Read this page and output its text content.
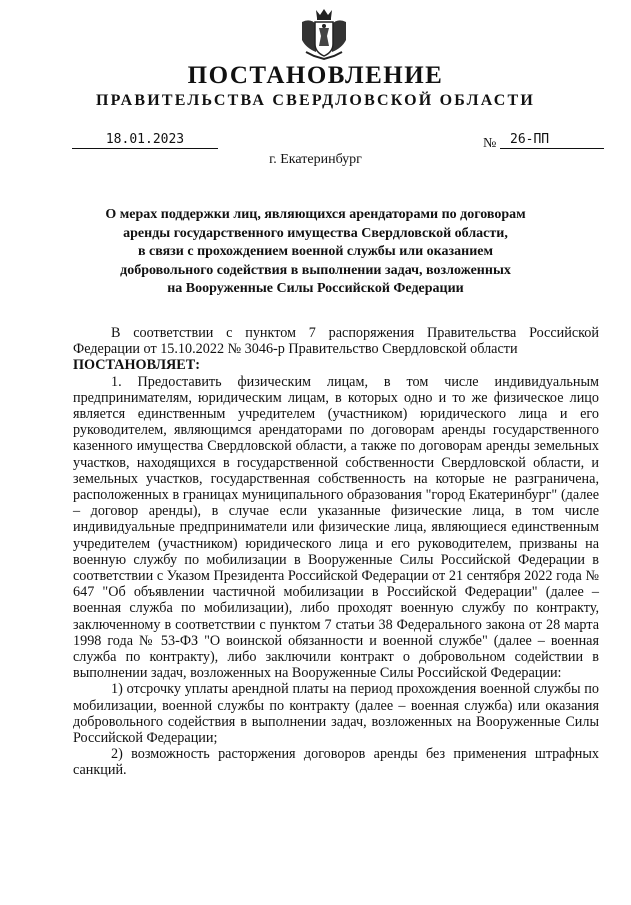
ПОСТАНОВЛЕНИЕ
ПРАВИТЕЛЬСТВА СВЕРДЛОВСКОЙ ОБЛАСТИ
18.01.2023	№	26-ПП
г. Екатеринбург
О мерах поддержки лиц, являющихся арендаторами по договорам
аренды государственного имущества Свердловской области,
в связи с прохождением военной службы или оказанием
добровольного содействия в выполнении задач, возложенных
на Вооруженные Силы Российской Федерации

В соответствии с пунктом 7 распоряжения Правительства Российской Федерации от 15.10.2022 № 3046-р Правительство Свердловской области

ПОСТАНОВЛЯЕТ:

1. Предоставить физическим лицам, в том числе индивидуальным предпринимателям, юридическим лицам, в которых одно и то же физическое лицо является единственным учредителем (участником) юридического лица и его руководителем, являющимся арендаторами по договорам аренды государственного казенного имущества Свердловской области, а также по договорам аренды земельных участков, находящихся в государственной собственности Свердловской области, и земельных участков, государственная собственность на которые не разграничена, расположенных в границах муниципального образования "город Екатеринбург" (далее – договор аренды), в случае если указанные физические лица, в том числе индивидуальные предприниматели или физические лица, являющиеся единственным учредителем (участником) юридического лица и его руководителем, призваны на военную службу по мобилизации в Вооруженные Силы Российской Федерации в соответствии с Указом Президента Российской Федерации от 21 сентября 2022 года № 647 "Об объявлении частичной мобилизации в Российской Федерации" (далее – военная служба по мобилизации), либо проходят военную службу по контракту, заключенному в соответствии с пунктом 7 статьи 38 Федерального закона от 28 марта 1998 года № 53-ФЗ "О воинской обязанности и военной службе" (далее – военная служба по контракту), либо заключили контракт о добровольном содействии в выполнении задач, возложенных на Вооруженные Силы Российской Федерации:

1) отсрочку уплаты арендной платы на период прохождения военной службы по мобилизации, военной службы по контракту (далее – военная служба) или оказания добровольного содействия в выполнении задач, возложенных на Вооруженные Силы Российской Федерации;

2) возможность расторжения договоров аренды без применения штрафных санкций.
